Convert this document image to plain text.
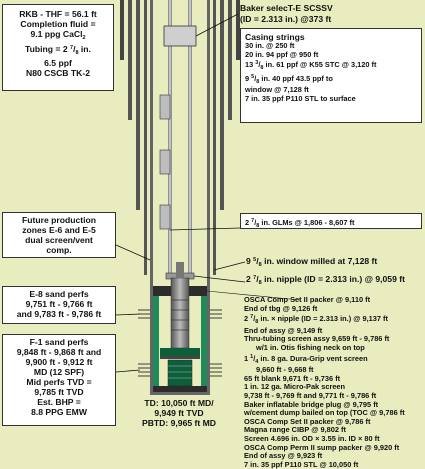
RKB - THF = 56.1 ft
Completion fluid =
9.1 ppg CaCl$_2$
Tubing = 2 $^7/_8$ in.
6.5 ppf
N80 CSCB TK-2
Baker selecT-E SCSSV
(ID = 2.313 in.) @373 ft
Casing strings
30 in. @ 250 ft
20 in. 94 ppf @ 950 ft
13 $^3/_8$ in. 61 ppf @ K55 STC @ 3,120 ft
9 $^5/_8$ in. 40 ppf 43.5 ppf to
window @ 7,128 ft
7 in. 35 ppf P110 STL to surface
2 $^7/_8$ in. GLMs @ 1,806 - 8,607 ft
9 $^5/_8$ in. window milled at 7,128 ft
2 $^7/_8$ in. nipple (ID = 2.313 in.) @ 9,059 ft
Future production
zones E-6 and E-5
dual screen/vent
comp.
E-8 sand perfs
9,751 ft - 9,766 ft
and 9,783 ft - 9,786 ft
F-1 sand perfs
9,848 ft - 9,868 ft and
9,900 ft - 9,912 ft
MD (12 SPF)
Mid perfs TVD =
9,785 ft TVD
Est. BHP =
8.8 PPG EMW
TD: 10,050 ft MD/
9,949 ft TVD
PBTD: 9,965 ft MD
OSCA Comp Set II packer @ 9,110 ft
End of tbg @ 9,126 ft
2 $^7/_8$ in. × nipple (ID = 2.313 in.) @ 9,137 ft
End of assy @ 9,149 ft
Thru-tubing screen assy 9,659 ft - 9,786 ft
w/1 in. Otis fishing neck on top
1 $^1/_4$ in. 8 ga. Dura-Grip vent screen
9,660 ft - 9,668 ft
65 ft blank 9,671 ft - 9,736 ft
1 in. 12 ga. Micro-Pak screen
9,738 ft - 9,769 ft and 9,771 ft - 9,786 ft
Baker inflatable bridge plug @ 9,795 ft
w/cement dump bailed on top (TOC @ 9,786 ft
OSCA Comp Set II packer @ 9,786 ft
Magna range CIBP @ 9,802 ft
Screen 4.696 in. OD × 3.55 in. ID × 80 ft
OSCA Comp Perm II sump packer @ 9,920 ft
End of assy @ 9,923 ft
7 in. 35 ppf P110 STL @ 10,050 ft
